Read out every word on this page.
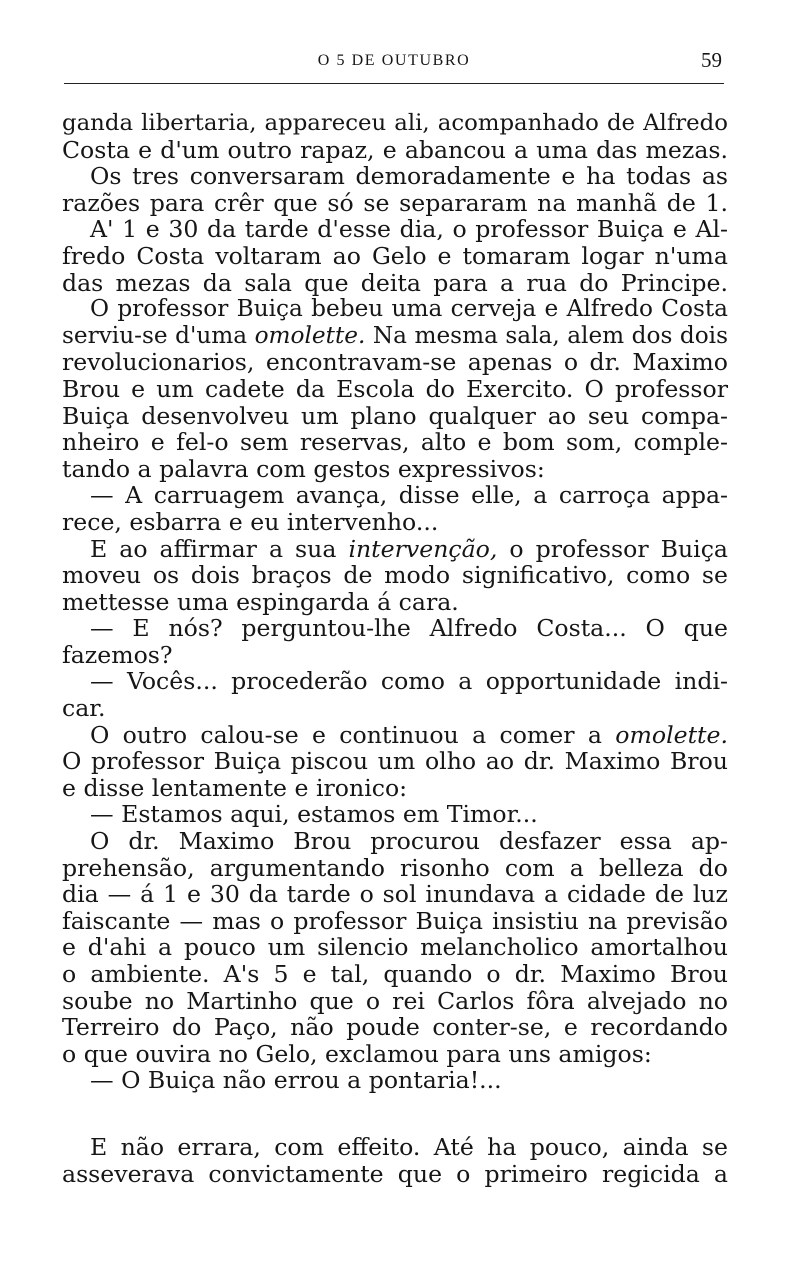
O 5 DE OUTUBRO	59
ganda libertaria, appareceu ali, acompanhado de Alfredo
Costa e d'um outro rapaz, e abancou a uma das mezas.
Os tres conversaram demoradamente e ha todas as
razões para crêr que só se separaram na manhã de 1.
A' 1 e 30 da tarde d'esse dia, o professor Buiça e Al-
fredo Costa voltaram ao Gelo e tomaram logar n'uma
das mezas da sala que deita para a rua do Principe.
O professor Buiça bebeu uma cerveja e Alfredo Costa
serviu-se d'uma omolette. Na mesma sala, alem dos dois
revolucionarios, encontravam-se apenas o dr. Maximo
Brou e um cadete da Escola do Exercito. O professor
Buiça desenvolveu um plano qualquer ao seu compa-
nheiro e fel-o sem reservas, alto e bom som, comple-
tando a palavra com gestos expressivos:
— A carruagem avança, disse elle, a carroça appa-
rece, esbarra e eu intervenho...
E ao affirmar a sua intervenção, o professor Buiça
moveu os dois braços de modo significativo, como se
mettesse uma espingarda á cara.
— E nós? perguntou-lhe Alfredo Costa... O que
fazemos?
— Vocês... procederão como a opportunidade indi-
car.
O outro calou-se e continuou a comer a omolette.
O professor Buiça piscou um olho ao dr. Maximo Brou
e disse lentamente e ironico:
— Estamos aqui, estamos em Timor...
O dr. Maximo Brou procurou desfazer essa ap-
prehensão, argumentando risonho com a belleza do
dia — á 1 e 30 da tarde o sol inundava a cidade de luz
faiscante — mas o professor Buiça insistiu na previsão
e d'ahi a pouco um silencio melancholico amortalhou
o ambiente. A's 5 e tal, quando o dr. Maximo Brou
soube no Martinho que o rei Carlos fôra alvejado no
Terreiro do Paço, não poude conter-se, e recordando
o que ouvira no Gelo, exclamou para uns amigos:
— O Buiça não errou a pontaria!...
E não errara, com effeito. Até ha pouco, ainda se
asseverava convictamente que o primeiro regicida a
